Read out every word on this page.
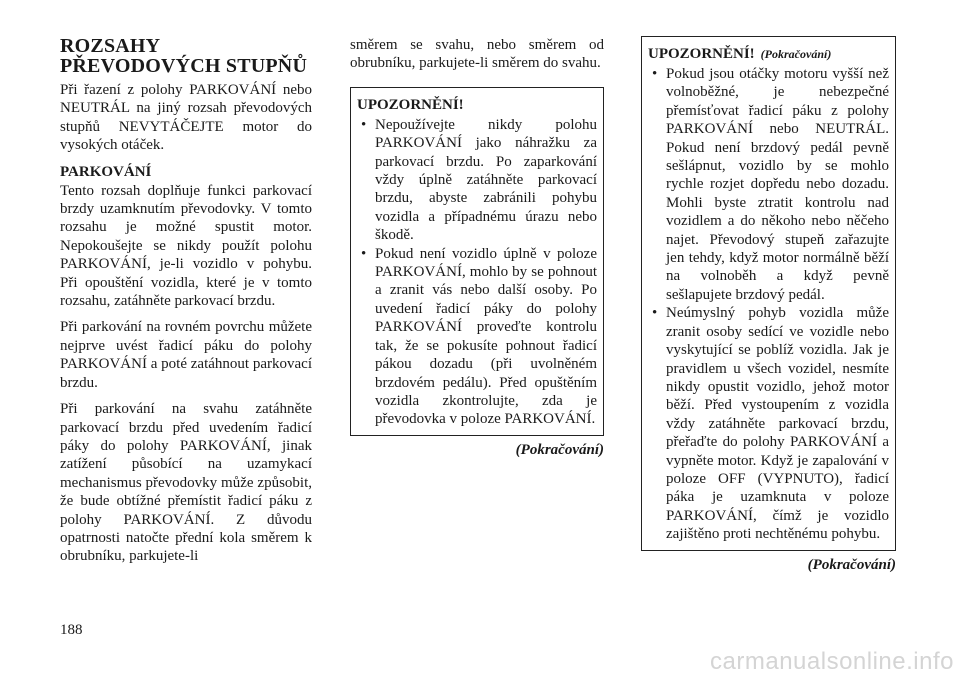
ROZSAHY PŘEVODOVÝCH STUPŇŮ

Při řazení z polohy PARKOVÁNÍ nebo NEUTRÁL na jiný rozsah převodových stupňů NEVYTÁČEJTE motor do vysokých otáček.

PARKOVÁNÍ

Tento rozsah doplňuje funkci parkovací brzdy uzamknutím převodovky. V tomto rozsahu je možné spustit motor. Nepokoušejte se nikdy použít polohu PARKOVÁNÍ, je-li vozidlo v pohybu. Při opouštění vozidla, které je v tomto rozsahu, zatáhněte parkovací brzdu.

Při parkování na rovném povrchu můžete nejprve uvést řadicí páku do polohy PARKOVÁNÍ a poté zatáhnout parkovací brzdu.

Při parkování na svahu zatáhněte parkovací brzdu před uvedením řadicí páky do polohy PARKOVÁNÍ, jinak zatížení působící na uzamykací mechanismus převodovky může způsobit, že bude obtížné přemístit řadicí páku z polohy PARKOVÁNÍ. Z důvodu opatrnosti natočte přední kola směrem k obrubníku, parkujete-li

směrem se svahu, nebo směrem od obrubníku, parkujete-li směrem do svahu.

UPOZORNĚNÍ!
• Nepoužívejte nikdy polohu PARKOVÁNÍ jako náhražku za parkovací brzdu. Po zaparkování vždy úplně zatáhněte parkovací brzdu, abyste zabránili pohybu vozidla a případnému úrazu nebo škodě.
• Pokud není vozidlo úplně v poloze PARKOVÁNÍ, mohlo by se pohnout a zranit vás nebo další osoby. Po uvedení řadicí páky do polohy PARKOVÁNÍ proveďte kontrolu tak, že se pokusíte pohnout řadicí pákou dozadu (při uvolněném brzdovém pedálu). Před opuštěním vozidla zkontrolujte, zda je převodovka v poloze PARKOVÁNÍ.
(Pokračování)
UPOZORNĚNÍ! (Pokračování)
• Pokud jsou otáčky motoru vyšší než volnoběžné, je nebezpečné přemísťovat řadicí páku z polohy PARKOVÁNÍ nebo NEUTRÁL. Pokud není brzdový pedál pevně sešlápnut, vozidlo by se mohlo rychle rozjet dopředu nebo dozadu. Mohli byste ztratit kontrolu nad vozidlem a do někoho nebo něčeho najet. Převodový stupeň zařazujte jen tehdy, když motor normálně běží na volnoběh a když pevně sešlapujete brzdový pedál.
• Neúmyslný pohyb vozidla může zranit osoby sedící ve vozidle nebo vyskytující se poblíž vozidla. Jak je pravidlem u všech vozidel, nesmíte nikdy opustit vozidlo, jehož motor běží. Před vystoupením z vozidla vždy zatáhněte parkovací brzdu, přeřaďte do polohy PARKOVÁNÍ a vypněte motor. Když je zapalování v poloze OFF (VYPNUTO), řadicí páka je uzamknuta v poloze PARKOVÁNÍ, čímž je vozidlo zajištěno proti nechtěnému pohybu.
(Pokračování)
188
carmanualsonline.info
